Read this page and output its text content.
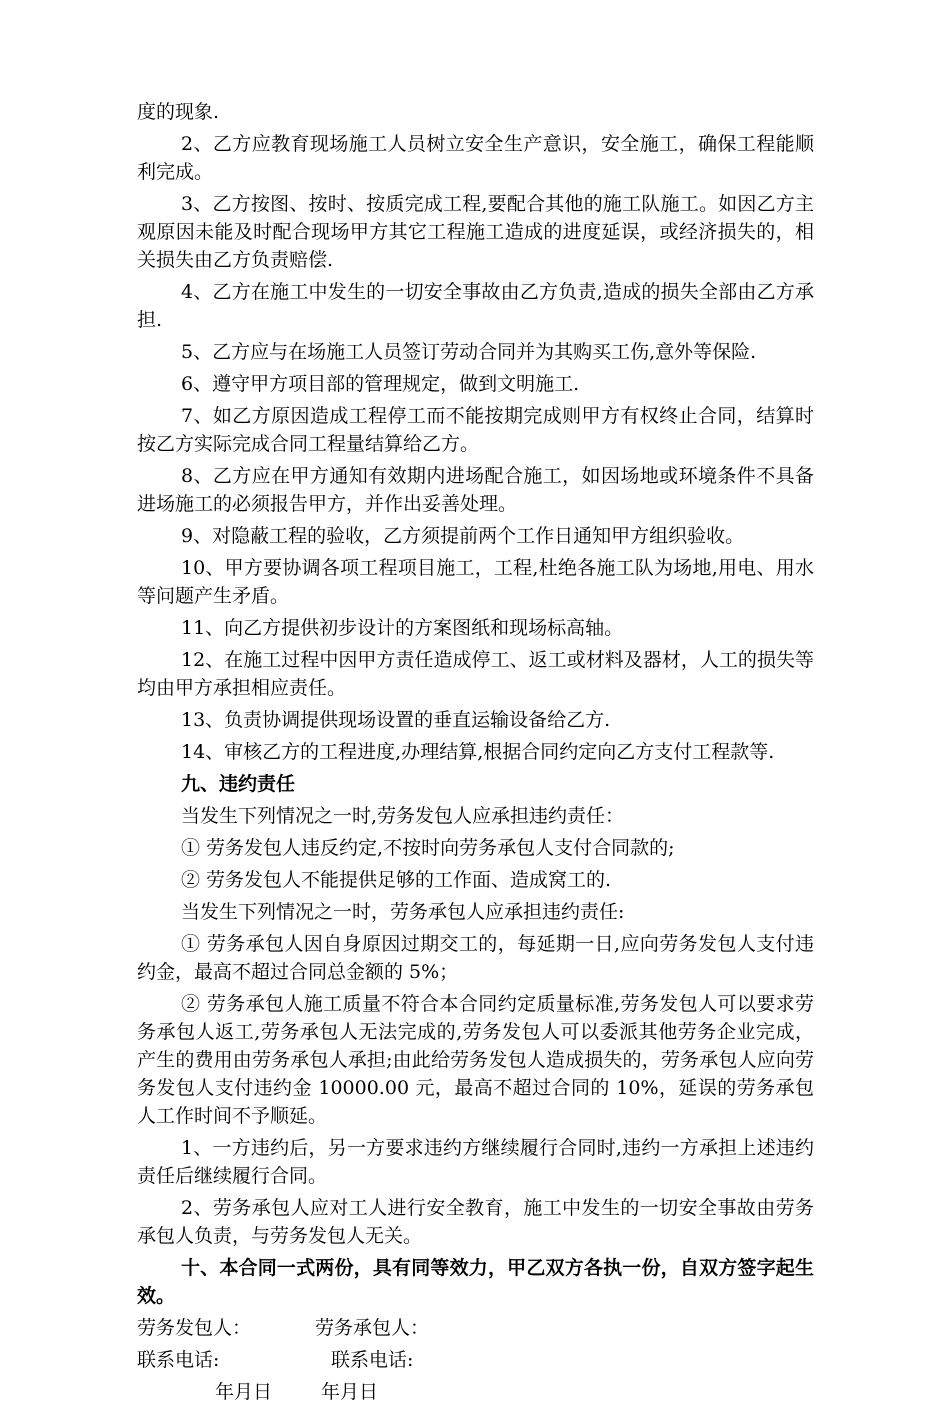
度的现象.

2、乙方应教育现场施工人员树立安全生产意识，安全施工，确保工程能顺利完成。

3、乙方按图、按时、按质完成工程,要配合其他的施工队施工。如因乙方主观原因未能及时配合现场甲方其它工程施工造成的进度延误，或经济损失的，相关损失由乙方负责赔偿.

4、乙方在施工中发生的一切安全事故由乙方负责,造成的损失全部由乙方承担.

5、乙方应与在场施工人员签订劳动合同并为其购买工伤,意外等保险.

6、遵守甲方项目部的管理规定，做到文明施工.

7、如乙方原因造成工程停工而不能按期完成则甲方有权终止合同，结算时按乙方实际完成合同工程量结算给乙方。

8、乙方应在甲方通知有效期内进场配合施工，如因场地或环境条件不具备进场施工的必须报告甲方，并作出妥善处理。

9、对隐蔽工程的验收，乙方须提前两个工作日通知甲方组织验收。

10、甲方要协调各项工程项目施工，工程,杜绝各施工队为场地,用电、用水等问题产生矛盾。

11、向乙方提供初步设计的方案图纸和现场标高轴。

12、在施工过程中因甲方责任造成停工、返工或材料及器材，人工的损失等均由甲方承担相应责任。

13、负责协调提供现场设置的垂直运输设备给乙方.

14、审核乙方的工程进度,办理结算,根据合同约定向乙方支付工程款等.

九、违约责任

当发生下列情况之一时,劳务发包人应承担违约责任：

① 劳务发包人违反约定,不按时向劳务承包人支付合同款的;

② 劳务发包人不能提供足够的工作面、造成窝工的.

当发生下列情况之一时，劳务承包人应承担违约责任:

① 劳务承包人因自身原因过期交工的，每延期一日,应向劳务发包人支付违约金，最高不超过合同总金额的 5%；

② 劳务承包人施工质量不符合本合同约定质量标准,劳务发包人可以要求劳务承包人返工,劳务承包人无法完成的,劳务发包人可以委派其他劳务企业完成，产生的费用由劳务承包人承担;由此给劳务发包人造成损失的，劳务承包人应向劳务发包人支付违约金 10000.00 元，最高不超过合同的 10%，延误的劳务承包人工作时间不予顺延。

1、一方违约后，另一方要求违约方继续履行合同时,违约一方承担上述违约责任后继续履行合同。

2、劳务承包人应对工人进行安全教育，施工中发生的一切安全事故由劳务承包人负责，与劳务发包人无关。

十、本合同一式两份，具有同等效力，甲乙双方各执一份，自双方签字起生效。

劳务发包人：	劳务承包人：
联系电话:	联系电话:
年月日	年月日
